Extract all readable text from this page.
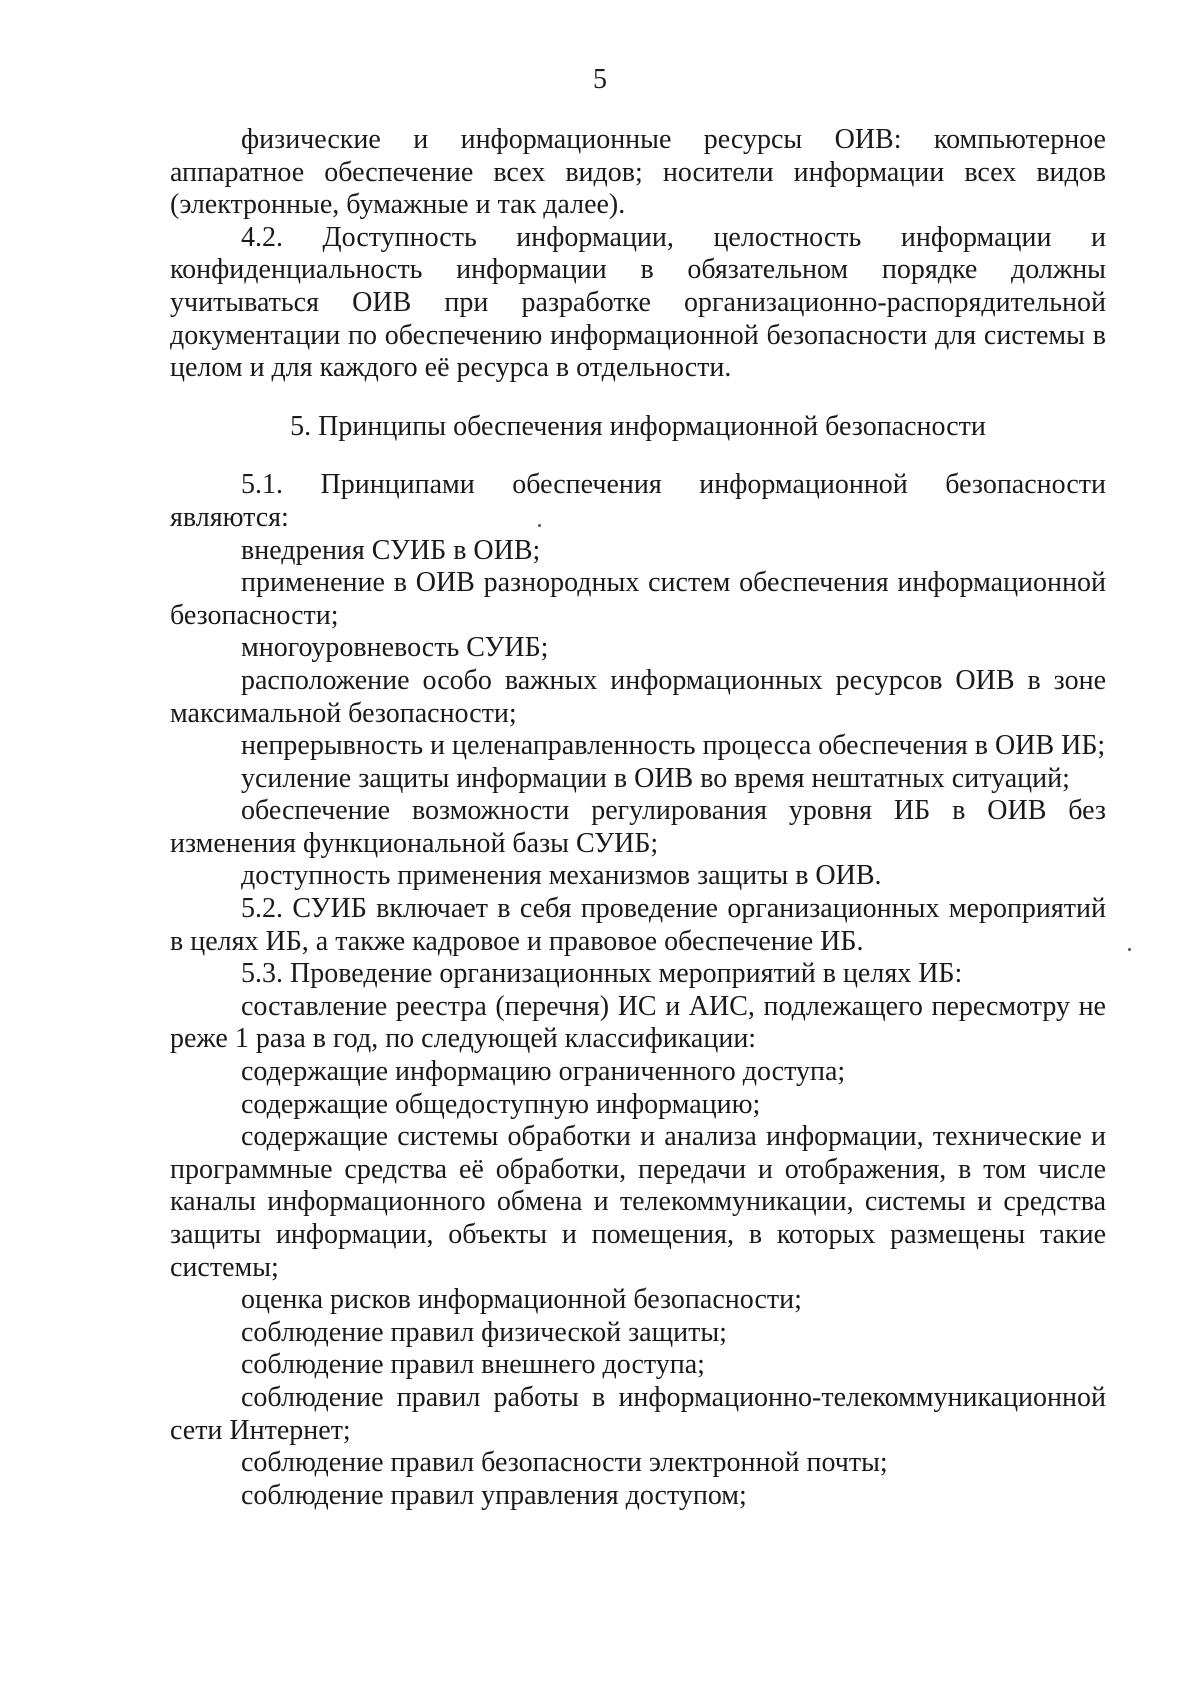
5

физические и информационные ресурсы ОИВ: компьютерное аппаратное обеспечение всех видов; носители информации всех видов (электронные, бумажные и так далее).

4.2. Доступность информации, целостность информации и конфиденциальность информации в обязательном порядке должны учитываться ОИВ при разработке организационно-распорядительной документации по обеспечению информационной безопасности для системы в целом и для каждого её ресурса в отдельности.

5. Принципы обеспечения информационной безопасности

5.1. Принципами обеспечения информационной безопасности являются:

внедрения СУИБ в ОИВ;

применение в ОИВ разнородных систем обеспечения информационной безопасности;

многоуровневость СУИБ;

расположение особо важных информационных ресурсов ОИВ в зоне максимальной безопасности;

непрерывность и целенаправленность процесса обеспечения в ОИВ ИБ;

усиление защиты информации в ОИВ во время нештатных ситуаций;

обеспечение возможности регулирования уровня ИБ в ОИВ без изменения функциональной базы СУИБ;

доступность применения механизмов защиты в ОИВ.

5.2. СУИБ включает в себя проведение организационных мероприятий в целях ИБ, а также кадровое и правовое обеспечение ИБ.

5.3. Проведение организационных мероприятий в целях ИБ:

составление реестра (перечня) ИС и АИС, подлежащего пересмотру не реже 1 раза в год, по следующей классификации:

содержащие информацию ограниченного доступа;

содержащие общедоступную информацию;

содержащие системы обработки и анализа информации, технические и программные средства её обработки, передачи и отображения, в том числе каналы информационного обмена и телекоммуникации, системы и средства защиты информации, объекты и помещения, в которых размещены такие системы;

оценка рисков информационной безопасности;

соблюдение правил физической защиты;

соблюдение правил внешнего доступа;

соблюдение правил работы в информационно-телекоммуникационной сети Интернет;

соблюдение правил безопасности электронной почты;

соблюдение правил управления доступом;
